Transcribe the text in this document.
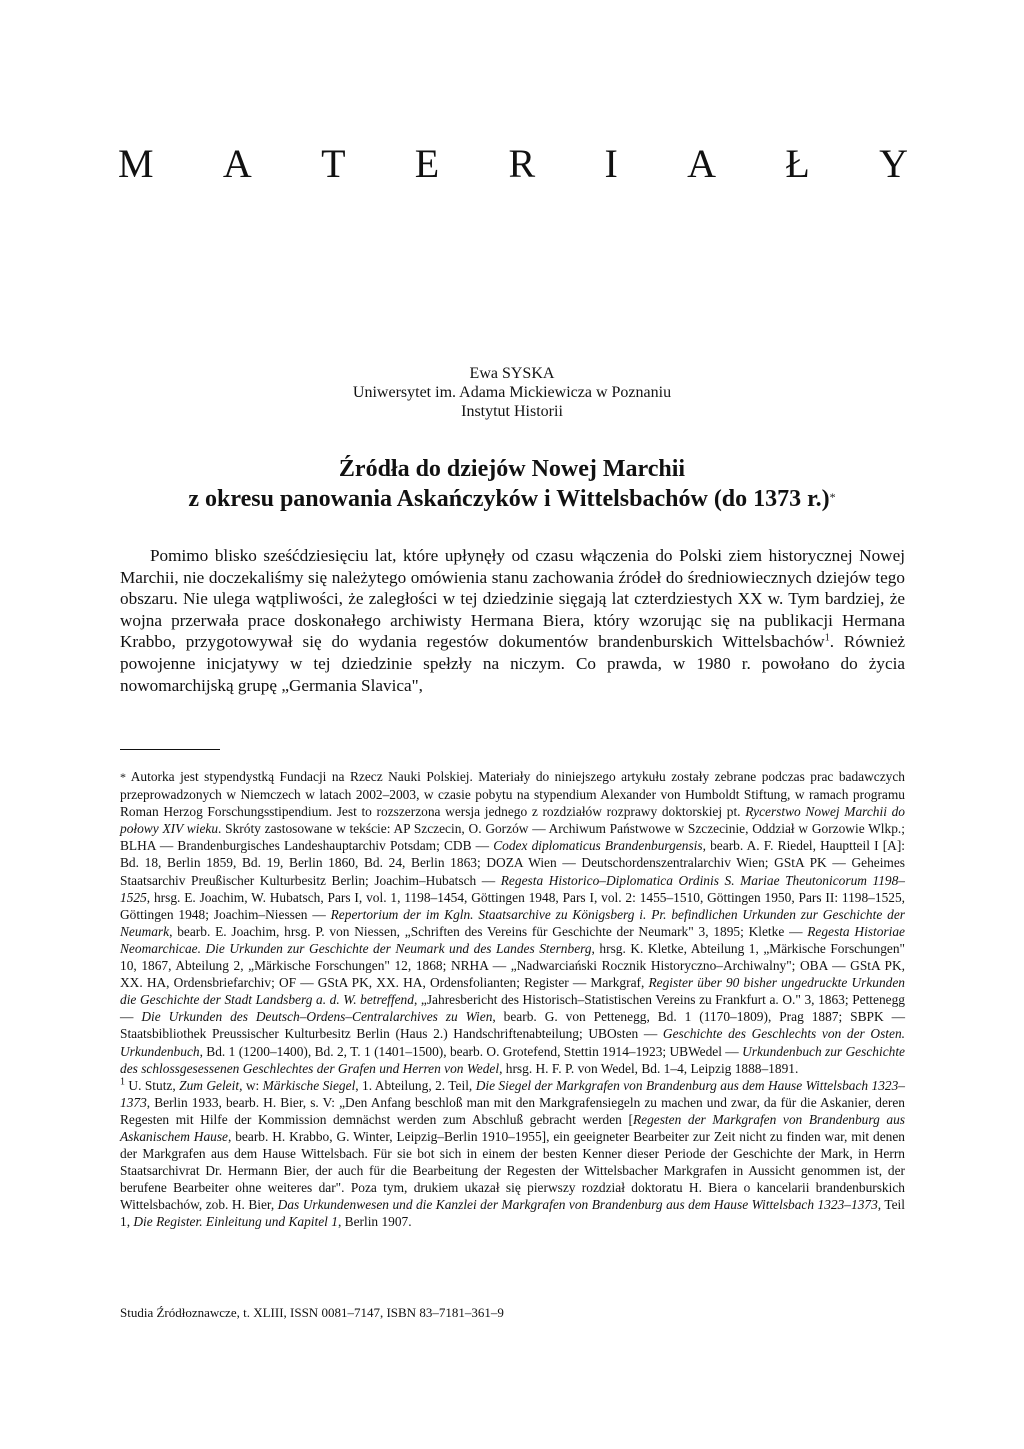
M A T E R I A Ł Y
Ewa SYSKA
Uniwersytet im. Adama Mickiewicza w Poznaniu
Instytut Historii
Źródła do dziejów Nowej Marchii
z okresu panowania Askańczyków i Wittelsbachów (do 1373 r.)*

Pomimo blisko sześćdziesięciu lat, które upłynęły od czasu włączenia do Polski ziem historycznej Nowej Marchii, nie doczekaliśmy się należytego omówienia stanu zachowania źródeł do średniowiecznych dziejów tego obszaru. Nie ulega wątpliwości, że zaległości w tej dziedzinie sięgają lat czterdziestych XX w. Tym bardziej, że wojna przerwała prace doskonałego archiwisty Hermana Biera, który wzorując się na publikacji Hermana Krabbo, przygotowywał się do wydania regestów dokumentów brandenburskich Wittelsbachów$^1$. Również powojenne inicjatywy w tej dziedzinie spełzły na niczym. Co prawda, w 1980 r. powołano do życia nowomarchijską grupę „Germania Slavica",

* Autorka jest stypendystką Fundacji na Rzecz Nauki Polskiej. Materiały do niniejszego artykułu zostały zebrane podczas prac badawczych przeprowadzonych w Niemczech w latach 2002–2003, w czasie pobytu na stypendium Alexander von Humboldt Stiftung, w ramach programu Roman Herzog Forschungsstipendium. Jest to rozszerzona wersja jednego z rozdziałów rozprawy doktorskiej pt. Rycerstwo Nowej Marchii do połowy XIV wieku. Skróty zastosowane w tekście: AP Szczecin, O. Gorzów — Archiwum Państwowe w Szczecinie, Oddział w Gorzowie Wlkp.; BLHA — Brandenburgisches Landeshauptarchiv Potsdam; CDB — Codex diplomaticus Brandenburgensis, bearb. A. F. Riedel, Hauptteil I [A]: Bd. 18, Berlin 1859, Bd. 19, Berlin 1860, Bd. 24, Berlin 1863; DOZA Wien — Deutschordenszentralarchiv Wien; GStA PK — Geheimes Staatsarchiv Preußischer Kulturbesitz Berlin; Joachim–Hubatsch — Regesta Historico–Diplomatica Ordinis S. Mariae Theutonicorum 1198–1525, hrsg. E. Joachim, W. Hubatsch, Pars I, vol. 1, 1198–1454, Göttingen 1948, Pars I, vol. 2: 1455–1510, Göttingen 1950, Pars II: 1198–1525, Göttingen 1948; Joachim–Niessen — Repertorium der im Kgln. Staatsarchive zu Königsberg i. Pr. befindlichen Urkunden zur Geschichte der Neumark, bearb. E. Joachim, hrsg. P. von Niessen, „Schriften des Vereins für Geschichte der Neumark" 3, 1895; Kletke — Regesta Historiae Neomarchicae. Die Urkunden zur Geschichte der Neumark und des Landes Sternberg, hrsg. K. Kletke, Abteilung 1, „Märkische Forschungen" 10, 1867, Abteilung 2, „Märkische Forschungen" 12, 1868; NRHA — „Nadwarciański Rocznik Historyczno–Archiwalny"; OBA — GStA PK, XX. HA, Ordensbriefarchiv; OF — GStA PK, XX. HA, Ordensfolianten; Register — Markgraf, Register über 90 bisher ungedruckte Urkunden die Geschichte der Stadt Landsberg a. d. W. betreffend, „Jahresbericht des Historisch–Statistischen Vereins zu Frankfurt a. O." 3, 1863; Pettenegg — Die Urkunden des Deutsch–Ordens–Centralarchives zu Wien, bearb. G. von Pettenegg, Bd. 1 (1170–1809), Prag 1887; SBPK — Staatsbibliothek Preussischer Kulturbesitz Berlin (Haus 2.) Handschriftenabteilung; UBOsten — Geschichte des Geschlechts von der Osten. Urkundenbuch, Bd. 1 (1200–1400), Bd. 2, T. 1 (1401–1500), bearb. O. Grotefend, Stettin 1914–1923; UBWedel — Urkundenbuch zur Geschichte des schlossgesessenen Geschlechtes der Grafen und Herren von Wedel, hrsg. H. F. P. von Wedel, Bd. 1–4, Leipzig 1888–1891.

$^1$ U. Stutz, Zum Geleit, w: Märkische Siegel, 1. Abteilung, 2. Teil, Die Siegel der Markgrafen von Brandenburg aus dem Hause Wittelsbach 1323–1373, Berlin 1933, bearb. H. Bier, s. V: „Den Anfang beschloß man mit den Markgrafensiegeln zu machen und zwar, da für die Askanier, deren Regesten mit Hilfe der Kommission demnächst werden zum Abschluß gebracht werden [Regesten der Markgrafen von Brandenburg aus Askanischem Hause, bearb. H. Krabbo, G. Winter, Leipzig–Berlin 1910–1955], ein geeigneter Bearbeiter zur Zeit nicht zu finden war, mit denen der Markgrafen aus dem Hause Wittelsbach. Für sie bot sich in einem der besten Kenner dieser Periode der Geschichte der Mark, in Herrn Staatsarchivrat Dr. Hermann Bier, der auch für die Bearbeitung der Regesten der Wittelsbacher Markgrafen in Aussicht genommen ist, der berufene Bearbeiter ohne weiteres dar". Poza tym, drukiem ukazał się pierwszy rozdział doktoratu H. Biera o kancelarii brandenburskich Wittelsbachów, zob. H. Bier, Das Urkundenwesen und die Kanzlei der Markgrafen von Brandenburg aus dem Hause Wittelsbach 1323–1373, Teil 1, Die Register. Einleitung und Kapitel 1, Berlin 1907.

Studia Źródłoznawcze, t. XLIII, ISSN 0081–7147, ISBN 83–7181–361–9
